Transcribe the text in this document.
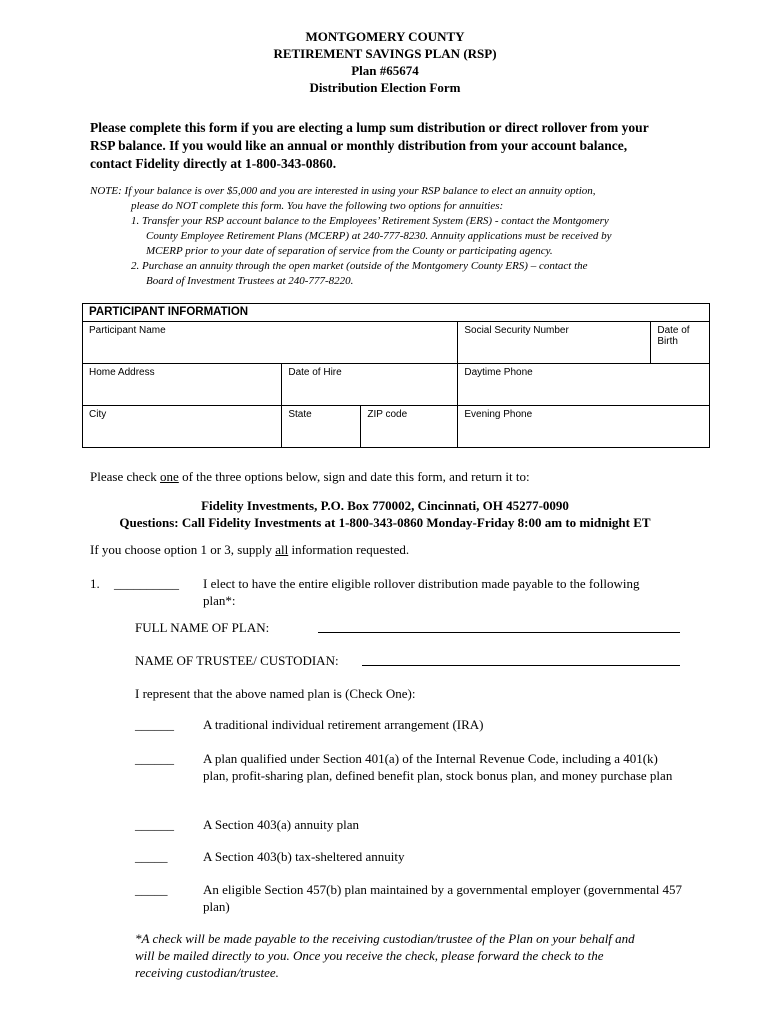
MONTGOMERY COUNTY
RETIREMENT SAVINGS PLAN (RSP)
Plan #65674
Distribution Election Form
Please complete this form if you are electing a lump sum distribution or direct rollover from your
RSP balance. If you would like an annual or monthly distribution from your account balance,
contact Fidelity directly at 1-800-343-0860.
NOTE: If your balance is over $5,000 and you are interested in using your RSP balance to elect an annuity option,
please do NOT complete this form. You have the following two options for annuities:
1. Transfer your RSP account balance to the Employees’ Retirement System (ERS) - contact the Montgomery
County Employee Retirement Plans (MCERP) at 240-777-8230. Annuity applications must be received by
MCERP prior to your date of separation of service from the County or participating agency.
2. Purchase an annuity through the open market (outside of the Montgomery County ERS) – contact the
Board of Investment Trustees at 240-777-8220.
PARTICIPANT INFORMATION				
Participant Name			Social Security Number	Date of Birth
Home Address	Date of Hire		Daytime Phone	
City	State	ZIP code	Evening Phone	
Please check one of the three options below, sign and date this form, and return it to:
Fidelity Investments, P.O. Box 770002, Cincinnati, OH 45277-0090
Questions: Call Fidelity Investments at 1-800-343-0860 Monday-Friday 8:00 am to midnight ET
If you choose option 1 or 3, supply all information requested.
1. __________ I elect to have the entire eligible rollover distribution made payable to the following
plan*:
FULL NAME OF PLAN:
NAME OF TRUSTEE/ CUSTODIAN:
I represent that the above named plan is (Check One):
______ A traditional individual retirement arrangement (IRA)
______ A plan qualified under Section 401(a) of the Internal Revenue Code, including a 401(k) plan, profit-sharing plan, defined benefit plan, stock bonus plan, and money purchase plan
______ A Section 403(a) annuity plan
_____	A Section 403(b) tax-sheltered annuity
_____	An eligible Section 457(b) plan maintained by a governmental employer (governmental 457 plan)
*A check will be made payable to the receiving custodian/trustee of the Plan on your behalf and
will be mailed directly to you. Once you receive the check, please forward the check to the
receiving custodian/trustee.
